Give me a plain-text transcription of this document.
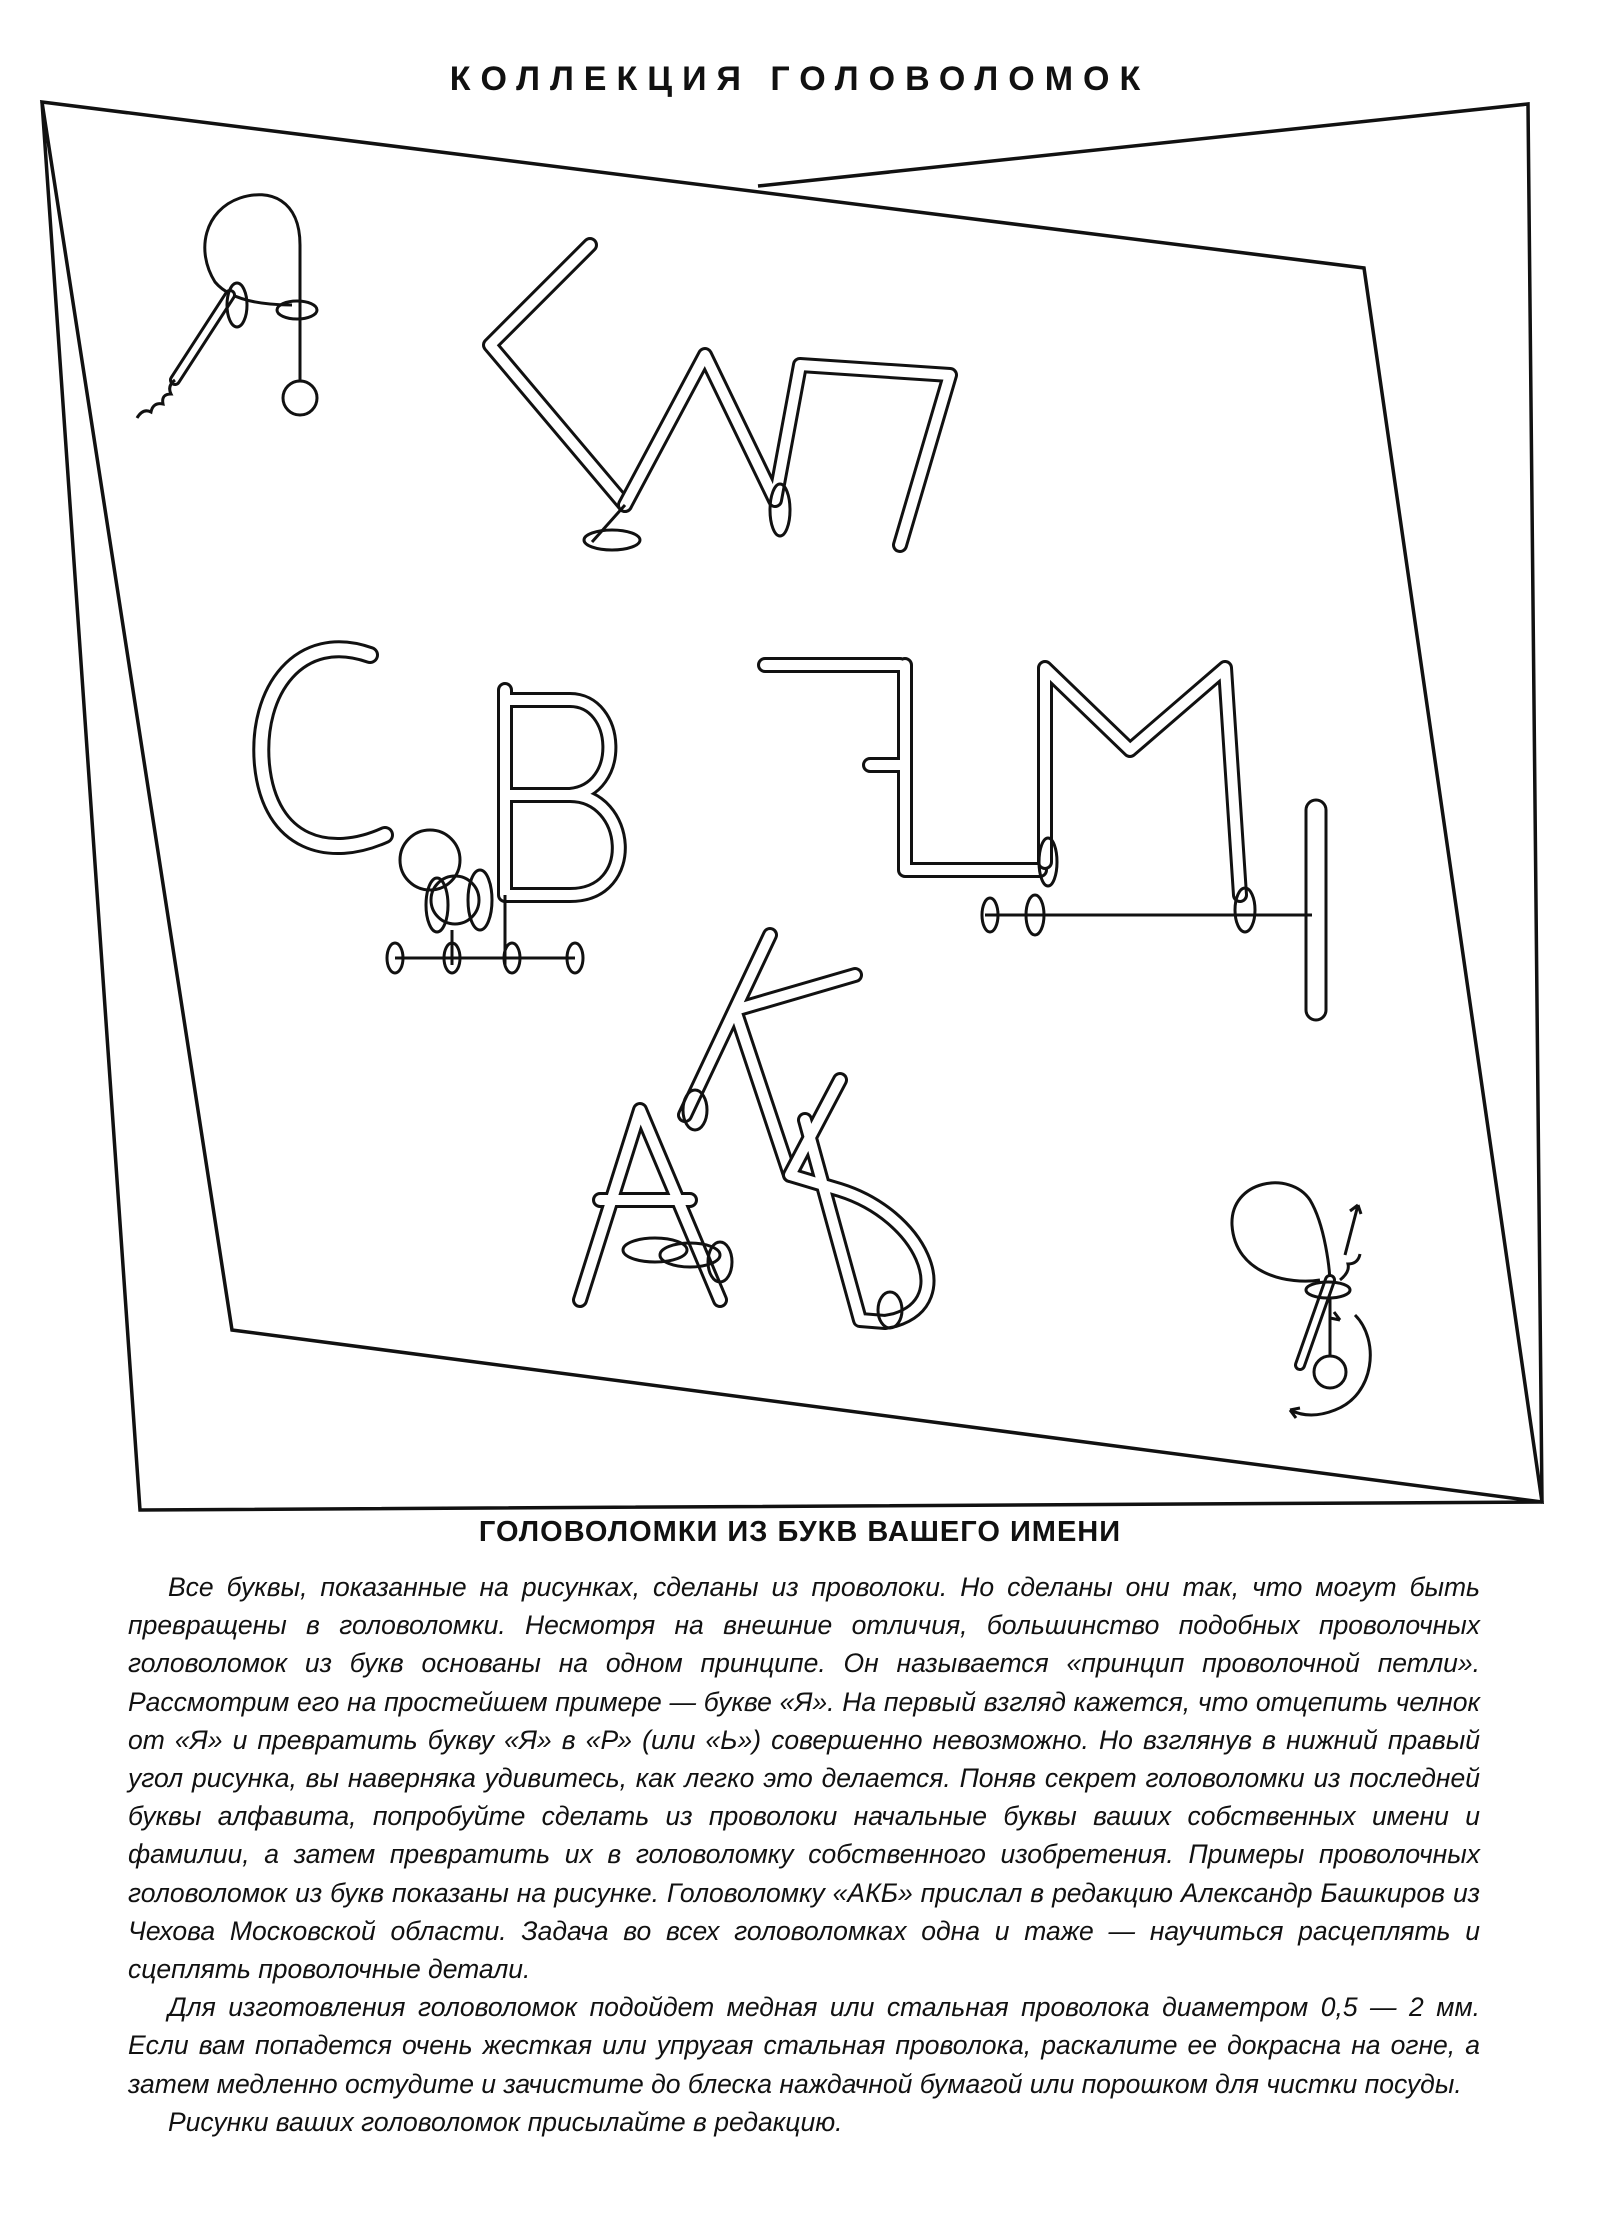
КОЛЛЕКЦИЯ ГОЛОВОЛОМОК
ГОЛОВОЛОМКИ ИЗ БУКВ ВАШЕГО ИМЕНИ

Все буквы, показанные на рисунках, сделаны из проволоки. Но сделаны они так, что могут быть превращены в головоломки. Несмотря на внешние отличия, большинство подобных проволочных головоломок из букв основаны на одном принципе. Он называется «принцип проволочной петли». Рассмотрим его на простейшем примере — букве «Я». На первый взгляд кажется, что отцепить челнок от «Я» и превратить букву «Я» в «Р» (или «Ь») совершенно невозможно. Но взглянув в нижний правый угол рисунка, вы наверняка удивитесь, как легко это делается. Поняв секрет головоломки из последней буквы алфавита, попробуйте сделать из проволоки начальные буквы ваших собственных имени и фамилии, а затем превратить их в головоломку собственного изобретения. Примеры проволочных головоломок из букв показаны на рисунке. Головоломку «АКБ» прислал в редакцию Александр Башкиров из Чехова Московской области. Задача во всех головоломках одна и таже — научиться расцеплять и сцеплять проволочные детали.

Для изготовления головоломок подойдет медная или стальная проволока диаметром 0,5 — 2 мм. Если вам попадется очень жесткая или упругая стальная проволока, раскалите ее докрасна на огне, а затем медленно остудите и зачистите до блеска наждачной бумагой или порошком для чистки посуды.

Рисунки ваших головоломок присылайте в редакцию.
